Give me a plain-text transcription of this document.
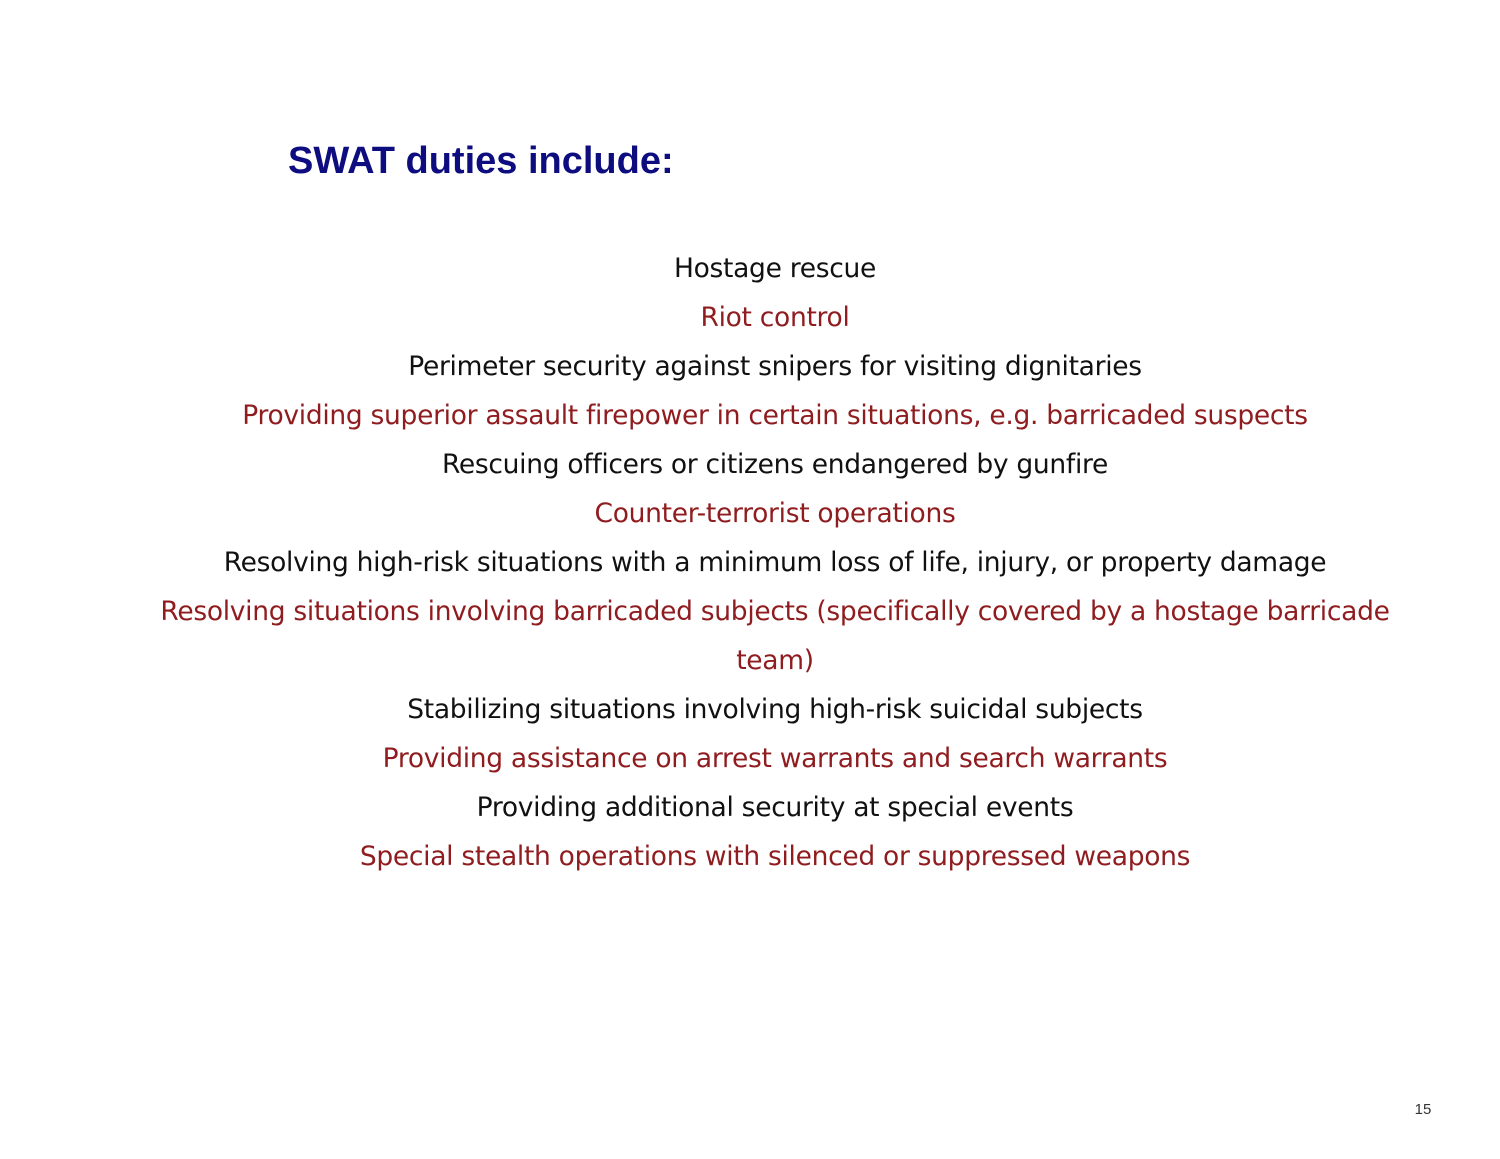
SWAT duties include:
Hostage rescue
Riot control
Perimeter security against snipers for visiting dignitaries
Providing superior assault firepower in certain situations, e.g. barricaded suspects
Rescuing officers or citizens endangered by gunfire
Counter-terrorist operations
Resolving high-risk situations with a minimum loss of life, injury, or property damage
Resolving situations involving barricaded subjects (specifically covered by a hostage barricade team)
Stabilizing situations involving high-risk suicidal subjects
Providing assistance on arrest warrants and search warrants
Providing additional security at special events
Special stealth operations with silenced or suppressed weapons
15
